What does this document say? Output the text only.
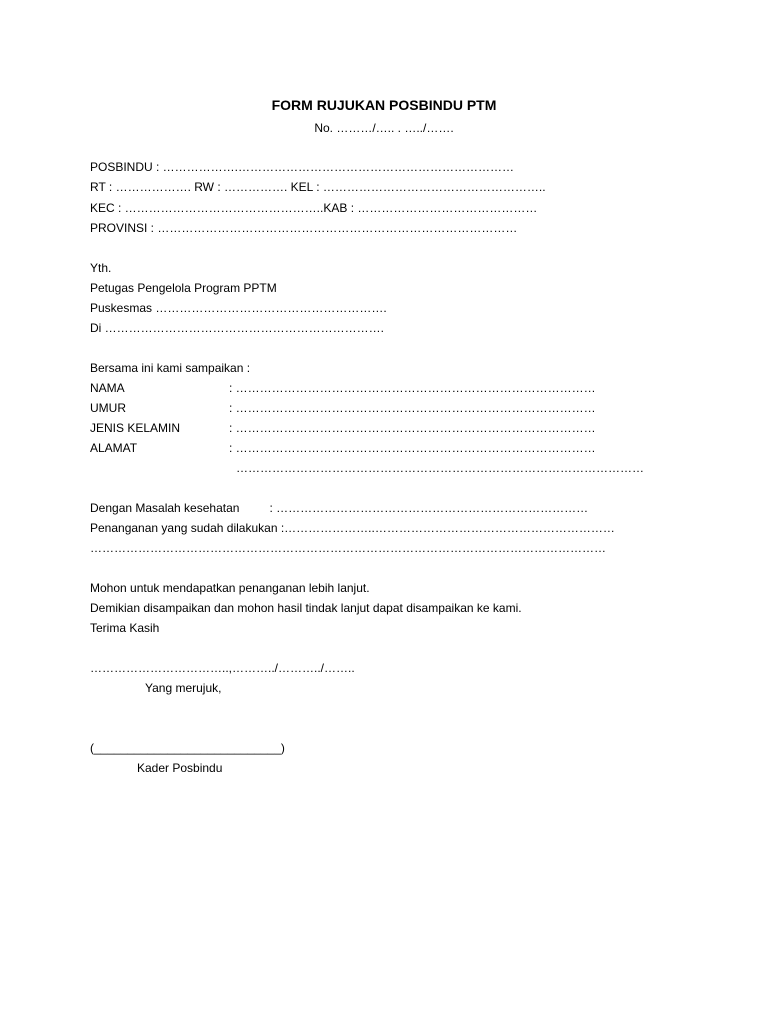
FORM RUJUKAN POSBINDU PTM
No. ………/….. . …../…….
POSBINDU : ……………….……………………………………………………………
RT : ………………. RW : ……………. KEL : ………………………………………………..
KEC : …………………………………………..KAB : ………………………………………
PROVINSI : ………………………………………………………………………………
Yth.
Petugas Pengelola Program PPTM
Puskesmas ………………………………………………….
Di …………………………………………………………….
Bersama ini kami sampaikan :
NAMA	: ………………………………………………………………………………
UMUR	: ………………………………………………………………………………
JENIS KELAMIN	: ………………………………………………………………………………
ALAMAT	: ………………………………………………………………………………
…………………………………………………………………………………………
Dengan Masalah kesehatan         : ……………………………………………………………………
Penanganan yang sudah dilakukan :…………………..……………………………………………………
…………………………………………………………………………………………………………………
Mohon untuk mendapatkan penanganan lebih lanjut.
Demikian disampaikan dan mohon hasil tindak lanjut dapat disampaikan ke kami.
Terima Kasih
……………………………..,………../………../……..
Yang merujuk,
(____________________________)
Kader Posbindu
